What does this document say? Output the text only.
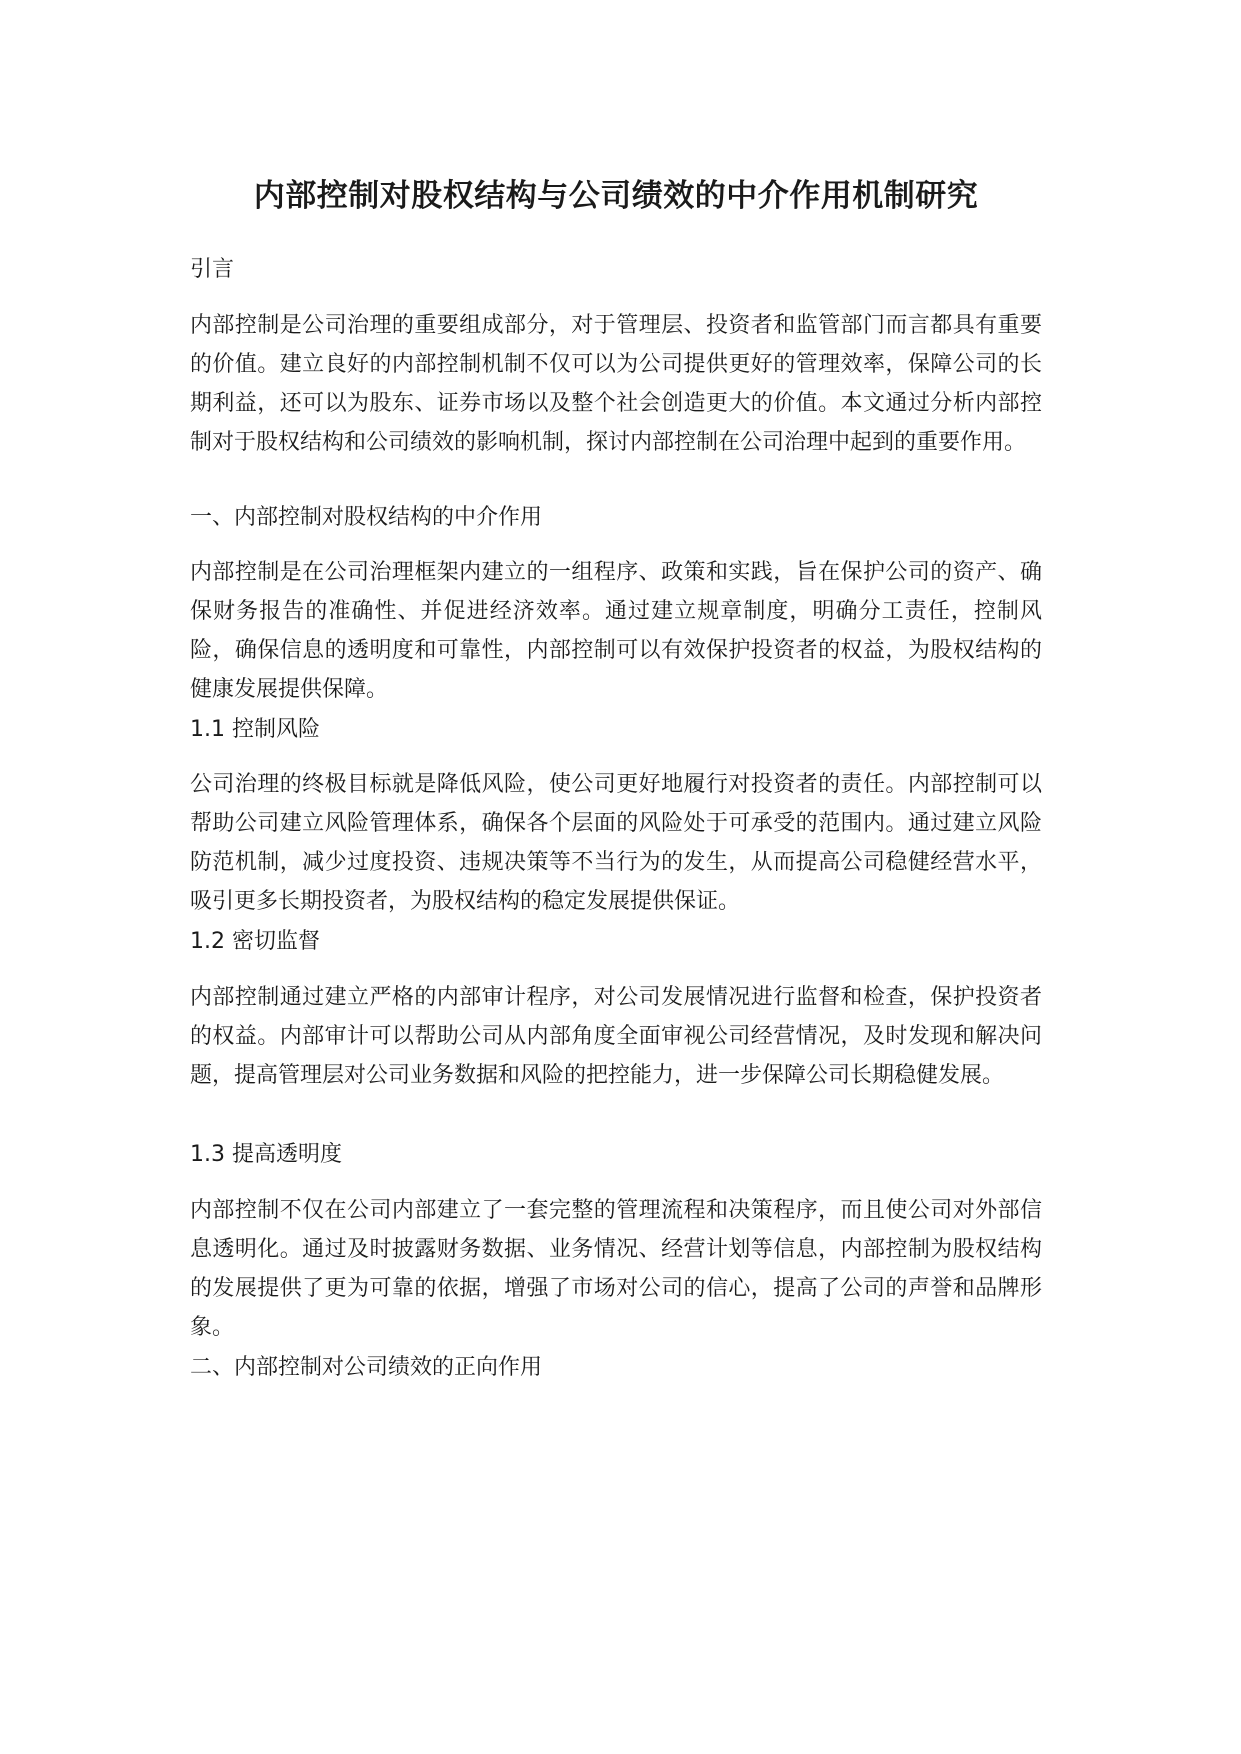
内部控制对股权结构与公司绩效的中介作用机制研究
引言

内部控制是公司治理的重要组成部分，对于管理层、投资者和监管部门而言都具有重要的价值。建立良好的内部控制机制不仅可以为公司提供更好的管理效率，保障公司的长期利益，还可以为股东、证券市场以及整个社会创造更大的价值。本文通过分析内部控制对于股权结构和公司绩效的影响机制，探讨内部控制在公司治理中起到的重要作用。

一、内部控制对股权结构的中介作用

内部控制是在公司治理框架内建立的一组程序、政策和实践，旨在保护公司的资产、确保财务报告的准确性、并促进经济效率。通过建立规章制度，明确分工责任，控制风险，确保信息的透明度和可靠性，内部控制可以有效保护投资者的权益，为股权结构的健康发展提供保障。

1.1 控制风险

公司治理的终极目标就是降低风险，使公司更好地履行对投资者的责任。内部控制可以帮助公司建立风险管理体系，确保各个层面的风险处于可承受的范围内。通过建立风险防范机制，减少过度投资、违规决策等不当行为的发生，从而提高公司稳健经营水平，吸引更多长期投资者，为股权结构的稳定发展提供保证。

1.2 密切监督

内部控制通过建立严格的内部审计程序，对公司发展情况进行监督和检查，保护投资者的权益。内部审计可以帮助公司从内部角度全面审视公司经营情况，及时发现和解决问题，提高管理层对公司业务数据和风险的把控能力，进一步保障公司长期稳健发展。

1.3 提高透明度

内部控制不仅在公司内部建立了一套完整的管理流程和决策程序，而且使公司对外部信息透明化。通过及时披露财务数据、业务情况、经营计划等信息，内部控制为股权结构的发展提供了更为可靠的依据，增强了市场对公司的信心，提高了公司的声誉和品牌形象。

二、内部控制对公司绩效的正向作用
